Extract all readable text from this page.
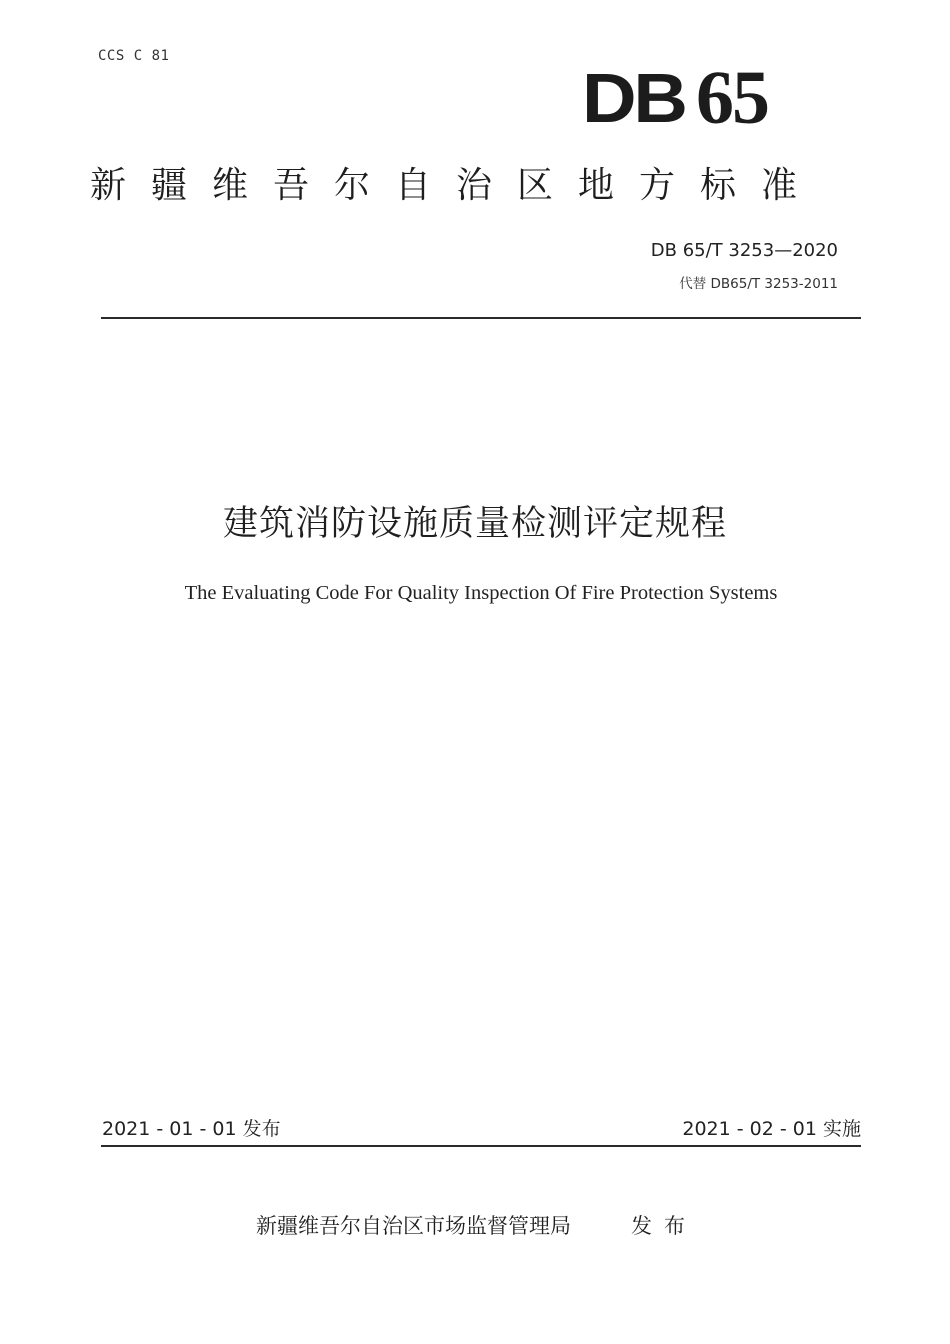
CCS C 81
DB 65
新疆维吾尔自治区地方标准
DB 65/T 3253—2020
代替 DB65/T 3253-2011
建筑消防设施质量检测评定规程
The Evaluating Code For Quality Inspection Of Fire Protection Systems
2021 - 01 - 01 发布	2021 - 02 - 01 实施
新疆维吾尔自治区市场监督管理局	发布
